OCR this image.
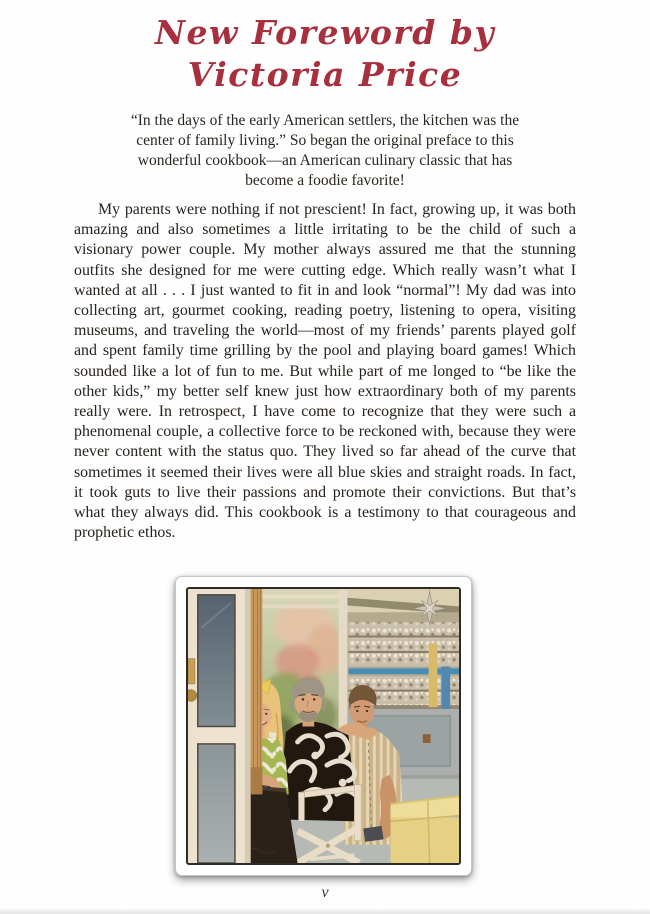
New Foreword by
Victoria Price
“In the days of the early American settlers, the kitchen was the
center of family living.” So began the original preface to this
wonderful cookbook—an American culinary classic that has
become a foodie favorite!

My parents were nothing if not prescient! In fact, growing up, it was both amazing and also sometimes a little irritating to be the child of such a visionary power couple. My mother always assured me that the stunning outfits she designed for me were cutting edge. Which really wasn’t what I wanted at all . . . I just wanted to fit in and look “normal”! My dad was into collecting art, gourmet cooking, reading poetry, listening to opera, visiting museums, and traveling the world—most of my friends’ parents played golf and spent family time grilling by the pool and playing board games! Which sounded like a lot of fun to me. But while part of me longed to “be like the other kids,” my better self knew just how extraordinary both of my parents really were. In retrospect, I have come to recognize that they were such a phenomenal couple, a collective force to be reckoned with, because they were never content with the status quo. They lived so far ahead of the curve that sometimes it seemed their lives were all blue skies and straight roads. In fact, it took guts to live their passions and promote their convictions. But that’s what they always did. This cookbook is a testimony to that courageous and prophetic ethos.

v
